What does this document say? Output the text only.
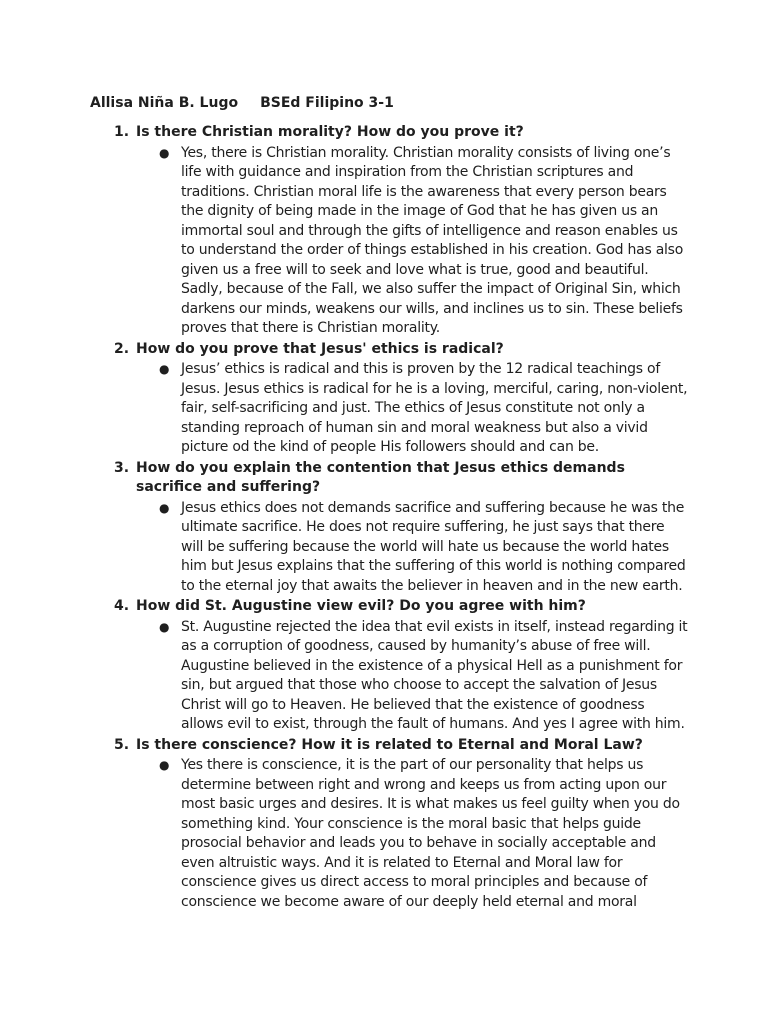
Allisa Niña B. Lugo BSEd Filipino 3-1
1. Is there Christian morality? How do you prove it?
● Yes, there is Christian morality. Christian morality consists of living one’s life with guidance and inspiration from the Christian scriptures and traditions. Christian moral life is the awareness that every person bears the dignity of being made in the image of God that he has given us an immortal soul and through the gifts of intelligence and reason enables us to understand the order of things established in his creation. God has also given us a free will to seek and love what is true, good and beautiful. Sadly, because of the Fall, we also suffer the impact of Original Sin, which darkens our minds, weakens our wills, and inclines us to sin. These beliefs proves that there is Christian morality.
2. How do you prove that Jesus' ethics is radical?
● Jesus’ ethics is radical and this is proven by the 12 radical teachings of Jesus. Jesus ethics is radical for he is a loving, merciful, caring, non-violent, fair, self-sacrificing and just. The ethics of Jesus constitute not only a standing reproach of human sin and moral weakness but also a vivid picture od the kind of people His followers should and can be.
3. How do you explain the contention that Jesus ethics demands sacrifice and suffering?
● Jesus ethics does not demands sacrifice and suffering because he was the ultimate sacrifice. He does not require suffering, he just says that there will be suffering because the world will hate us because the world hates him but Jesus explains that the suffering of this world is nothing compared to the eternal joy that awaits the believer in heaven and in the new earth.
4. How did St. Augustine view evil? Do you agree with him?
● St. Augustine rejected the idea that evil exists in itself, instead regarding it as a corruption of goodness, caused by humanity’s abuse of free will. Augustine believed in the existence of a physical Hell as a punishment for sin, but argued that those who choose to accept the salvation of Jesus Christ will go to Heaven. He believed that the existence of goodness allows evil to exist, through the fault of humans. And yes I agree with him.
5. Is there conscience? How it is related to Eternal and Moral Law?
● Yes there is conscience, it is the part of our personality that helps us determine between right and wrong and keeps us from acting upon our most basic urges and desires. It is what makes us feel guilty when you do something kind. Your conscience is the moral basic that helps guide prosocial behavior and leads you to behave in socially acceptable and even altruistic ways. And it is related to Eternal and Moral law for conscience gives us direct access to moral principles and because of conscience we become aware of our deeply held eternal and moral
